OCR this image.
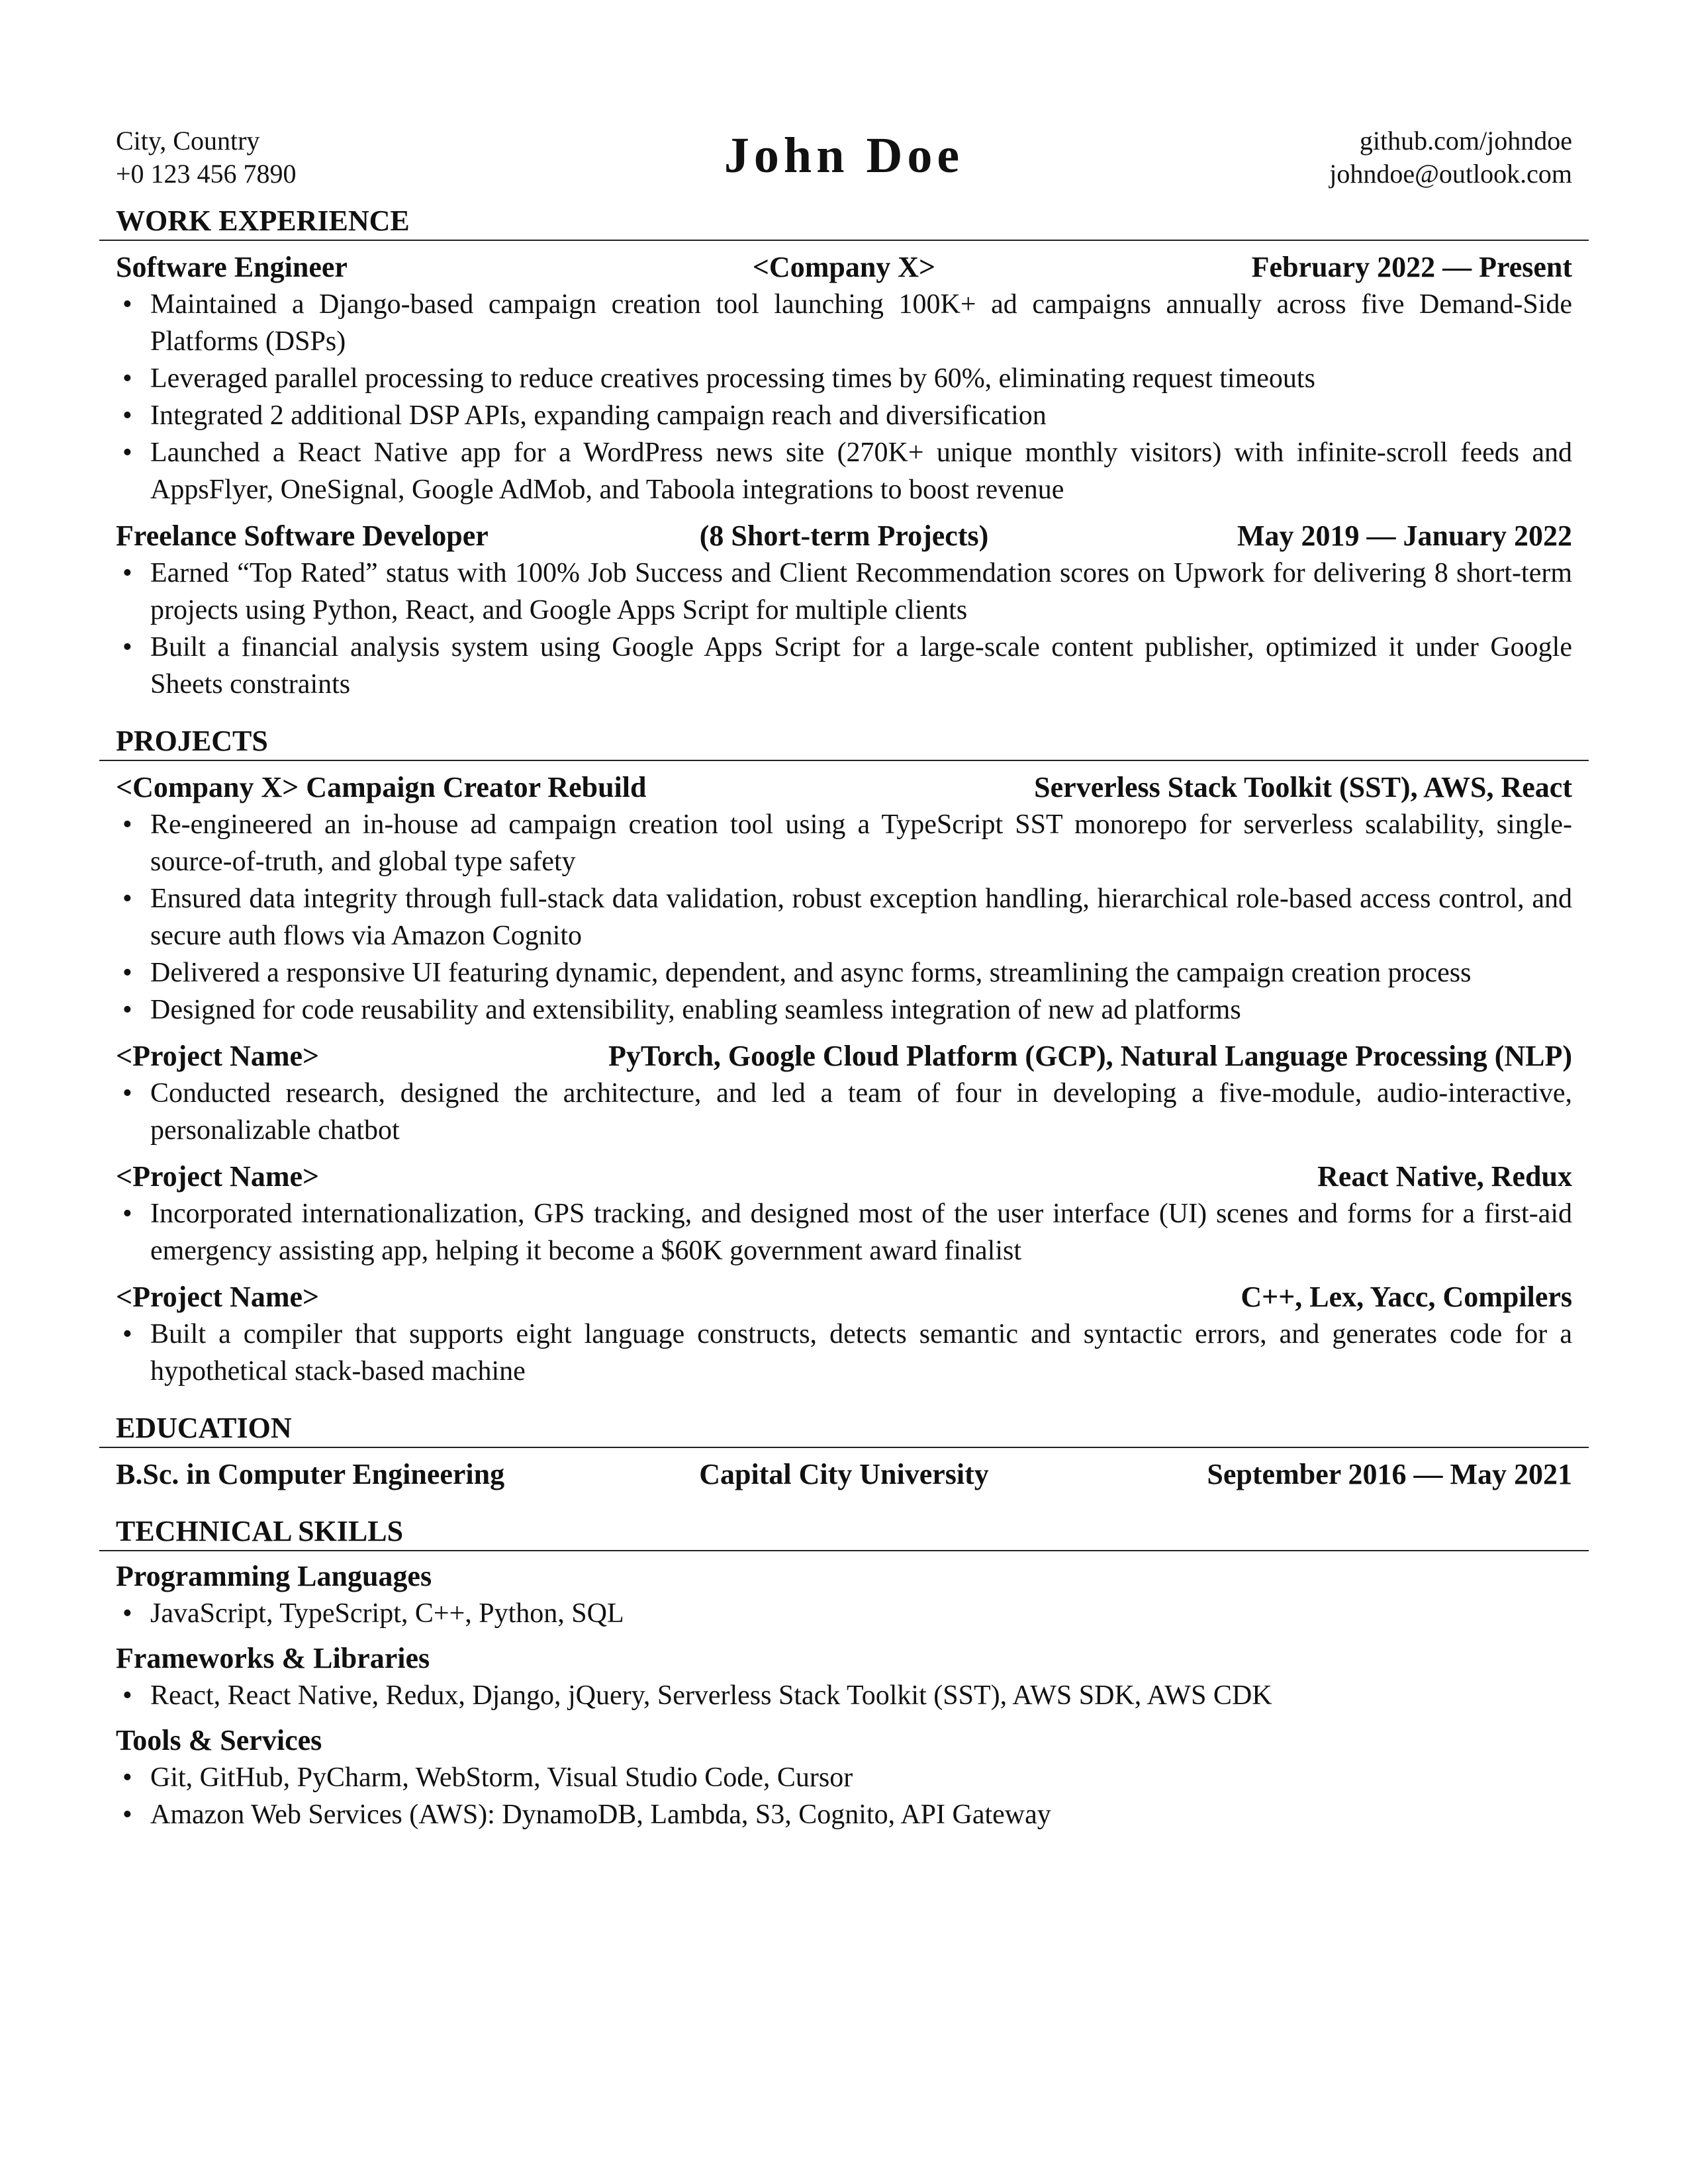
City, Country
+0 123 456 7890	John Doe	github.com/johndoe
johndoe@outlook.com
WORK EXPERIENCE
Software Engineer	<Company X>	February 2022 — Present
• Maintained a Django-based campaign creation tool launching 100K+ ad campaigns annually across five Demand-Side Platforms (DSPs)
• Leveraged parallel processing to reduce creatives processing times by 60%, eliminating request timeouts
• Integrated 2 additional DSP APIs, expanding campaign reach and diversification
• Launched a React Native app for a WordPress news site (270K+ unique monthly visitors) with infinite-scroll feeds and AppsFlyer, OneSignal, Google AdMob, and Taboola integrations to boost revenue
Freelance Software Developer	(8 Short-term Projects)	May 2019 — January 2022
• Earned “Top Rated” status with 100% Job Success and Client Recommendation scores on Upwork for delivering 8 short-term projects using Python, React, and Google Apps Script for multiple clients
• Built a financial analysis system using Google Apps Script for a large-scale content publisher, optimized it under Google Sheets constraints
PROJECTS
<Company X> Campaign Creator Rebuild	Serverless Stack Toolkit (SST), AWS, React
• Re-engineered an in-house ad campaign creation tool using a TypeScript SST monorepo for serverless scalability, single-source-of-truth, and global type safety
• Ensured data integrity through full-stack data validation, robust exception handling, hierarchical role-based access control, and secure auth flows via Amazon Cognito
• Delivered a responsive UI featuring dynamic, dependent, and async forms, streamlining the campaign creation process
• Designed for code reusability and extensibility, enabling seamless integration of new ad platforms
<Project Name>	PyTorch, Google Cloud Platform (GCP), Natural Language Processing (NLP)
• Conducted research, designed the architecture, and led a team of four in developing a five-module, audio-interactive, personalizable chatbot
<Project Name>	React Native, Redux
• Incorporated internationalization, GPS tracking, and designed most of the user interface (UI) scenes and forms for a first-aid emergency assisting app, helping it become a $60K government award finalist
<Project Name>	C++, Lex, Yacc, Compilers
• Built a compiler that supports eight language constructs, detects semantic and syntactic errors, and generates code for a hypothetical stack-based machine
EDUCATION
B.Sc. in Computer Engineering	Capital City University	September 2016 — May 2021
TECHNICAL SKILLS
Programming Languages
• JavaScript, TypeScript, C++, Python, SQL
Frameworks & Libraries
• React, React Native, Redux, Django, jQuery, Serverless Stack Toolkit (SST), AWS SDK, AWS CDK
Tools & Services
• Git, GitHub, PyCharm, WebStorm, Visual Studio Code, Cursor
• Amazon Web Services (AWS): DynamoDB, Lambda, S3, Cognito, API Gateway
